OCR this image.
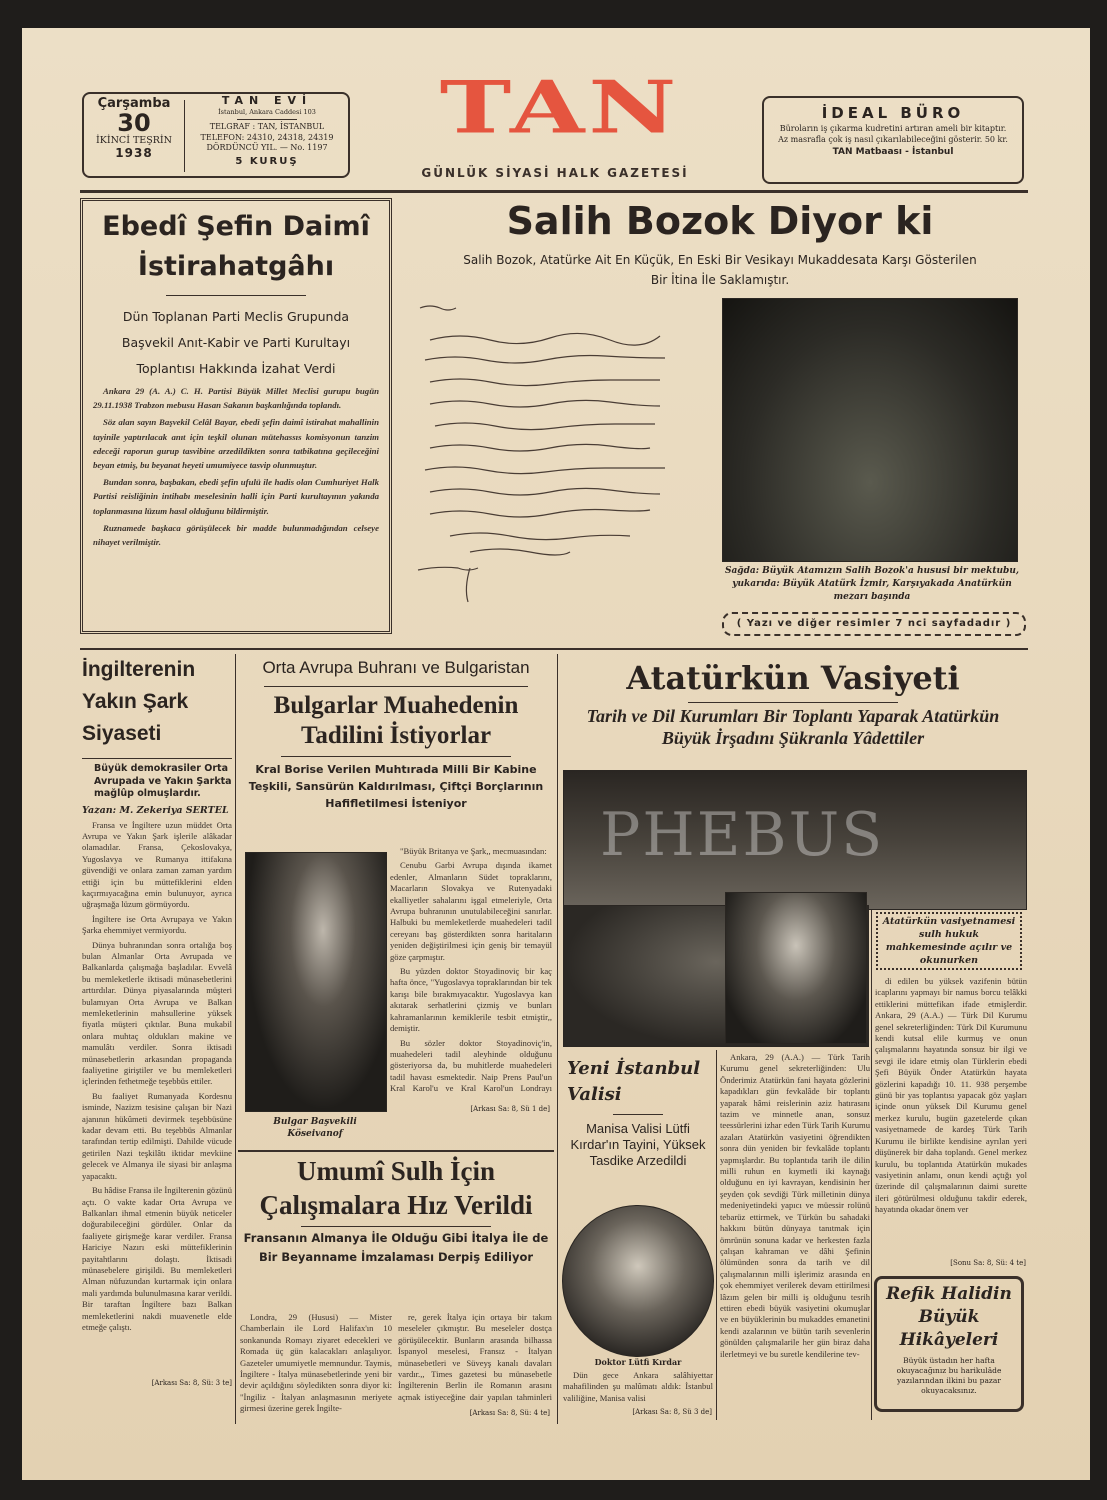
Çarşamba
30
İKİNCİ TEŞRİN
1938
TAN EVİ
İstanbul, Ankara Caddesi 103
TELGRAF : TAN, İSTANBUL
TELEFON: 24310, 24318, 24319
DÖRDÜNCÜ YIL. — No. 1197
5 KURUŞ
TAN
GÜNLÜK SİYASİ HALK GAZETESİ
İDEAL BÜRO
Büroların iş çıkarma kudretini artıran ameli bir kitaptır. Az masrafla çok iş nasıl çıkarılabileceğini gösterir. 50 kr.
TAN Matbaası - İstanbul
Ebedî Şefin Daimî İstirahatgâhı
Dün Toplanan Parti Meclis Grupunda Başvekil Anıt-Kabir ve Parti Kurultayı Toplantısı Hakkında İzahat Verdi

Ankara 29 (A. A.) C. H. Partisi Büyük Millet Meclisi gurupu bugün 29.11.1938 Trabzon mebusu Hasan Sakanın başkanlığında toplandı.

Söz alan sayın Başvekil Celâl Bayar, ebedi şefin daimî istirahat mahallinin tayinile yaptırılacak anıt için teşkil olunan mütehassıs komisyonun tanzim edeceği raporun gurup tasvibine arzedildikten sonra tatbikatına geçileceğini beyan etmiş, bu beyanat heyeti umumiyece tasvip olunmuştur.

Bundan sonra, başbakan, ebedi şefin ufulü ile hadis olan Cumhuriyet Halk Partisi reisliğinin intihabı meselesinin halli için Parti kurultayının yakında toplanmasına lüzum hasıl olduğunu bildirmiştir.

Ruznamede başkaca görüşülecek bir madde bulunmadığından celseye nihayet verilmiştir.

Salih Bozok Diyor ki
Salih Bozok, Atatürke Ait En Küçük, En Eski Bir Vesikayı Mukaddesata Karşı Gösterilen Bir İtina İle Saklamıştır.
Sağda: Büyük Atamızın Salih Bozok'a hususi bir mektubu, yukarıda: Büyük Atatürk İzmir, Karşıyakada Anatürkün mezarı başında
( Yazı ve diğer resimler 7 nci sayfadadır )
İngilterenin Yakın Şark Siyaseti
Büyük demokrasiler Orta Avrupada ve Yakın Şarkta mağlûp olmuşlardır.
Yazan: M. Zekeriya SERTEL

Fransa ve İngiltere uzun müddet Orta Avrupa ve Yakın Şark işlerile alâkadar olamadılar. Fransa, Çekoslovakya, Yugoslavya ve Rumanya ittifakına güvendiği ve onlara zaman zaman yardım ettiği için bu müttefiklerini elden kaçırmıyacağına emin bulunuyor, ayrıca uğraşmağa lüzum görmüyordu.

İngiltere ise Orta Avrupaya ve Yakın Şarka ehemmiyet vermiyordu.

Dünya buhranından sonra ortalığa boş bulan Almanlar Orta Avrupada ve Balkanlarda çalışmağa başladılar. Evvelâ bu memleketlerle iktisadi münasebetlerini arttırdılar. Dünya piyasalarında müşteri bulamıyan Orta Avrupa ve Balkan memleketlerinin mahsullerine yüksek fiyatla müşteri çıktılar. Buna mukabil onlara muhtaç oldukları makine ve mamulâtı verdiler. Sonra iktisadi münasebetlerin arkasından propaganda faaliyetine giriştiler ve bu memleketleri içlerinden fethetmeğe teşebbüs ettiler.

Bu faaliyet Rumanyada Kordesnu isminde, Nazizm tesisine çalışan bir Nazi ajanının hükûmeti devirmek teşebbüsüne kadar devam etti. Bu teşebbüs Almanlar tarafından tertip edilmişti. Dahilde vücude getirilen Nazi teşkilâtı iktidar mevkiine gelecek ve Almanya ile siyasi bir anlaşma yapacaktı.

Bu hâdise Fransa ile İngilterenin gözünü açtı. O vakte kadar Orta Avrupa ve Balkanları ihmal etmenin büyük neticeler doğurabileceğini gördüler. Onlar da faaliyete girişmeğe karar verdiler. Fransa Hariciye Nazırı eski müttefiklerinin payitahtlarını dolaştı. İktisadi münasebelere girişildi. Bu memleketleri Alman nüfuzundan kurtarmak için onlara mali yardımda bulunulmasına karar verildi. Bir taraftan İngiltere bazı Balkan memleketlerini nakdi muavenetle elde etmeğe çalıştı.

[Arkası Sa: 8, Sü: 3 te]
Orta Avrupa Buhranı ve Bulgaristan
Bulgarlar Muahedenin Tadilini İstiyorlar
Kral Borise Verilen Muhtırada Milli Bir Kabine Teşkili, Sansürün Kaldırılması, Çiftçi Borçlarının Hafifletilmesi İsteniyor
Bulgar Başvekili Köseivanof

"Büyük Britanya ve Şark,, mecmuasından:

Cenubu Garbi Avrupa dışında ikamet edenler, Almanların Südet topraklarını, Macarların Slovakya ve Rutenyadaki ekalliyetler sahalarını işgal etmeleriyle, Orta Avrupa buhranının unutulabileceğini sanırlar. Halbuki bu memleketlerde muahedeleri tadil cereyanı baş gösterdikten sonra haritaların yeniden değiştirilmesi için geniş bir temayül göze çarpmıştır.

Bu yüzden doktor Stoyadinoviç bir kaç hafta önce, "Yugoslavya topraklarından bir tek karışı bile bırakmıyacaktır. Yugoslavya kan akıtarak serhatlerini çizmiş ve bunları kahramanlarının kemiklerile tesbit etmiştir,, demiştir.

Bu sözler doktor Stoyadinoviç'in, muahedeleri tadil aleyhinde olduğunu gösteriyorsa da, bu muhitlerde muahedeleri tadil havası esmektedir. Naip Prens Paul'un Kral Karol'u ve Kral Karol'un Londrayı

[Arkası Sa: 8, Sü 1 de]
Umumî Sulh İçin Çalışmalara Hız Verildi
Fransanın Almanya İle Olduğu Gibi İtalya İle de Bir Beyanname İmzalaması Derpiş Ediliyor

Londra, 29 (Hususi) — Mister Chamberlain ile Lord Halifax'ın 10 sonkanunda Romayı ziyaret edecekleri ve Romada üç gün kalacakları anlaşılıyor. Gazeteler umumiyetle memnundur. Taymis, İngiltere - İtalya münasebetlerinde yeni bir devir açıldığını söyledikten sonra diyor ki: "İngiliz - İtalyan anlaşmasının meriyete girmesi üzerine gerek İngilte-

re, gerek İtalya için ortaya bir takım meseleler çıkmıştır. Bu meseleler dostça görüşülecektir. Bunların arasında bilhassa İspanyol meselesi, Fransız - İtalyan münasebetleri ve Süveyş kanalı davaları vardır.,, Times gazetesi bu münasebetle İngilterenin Berlin ile Romanın arasını açmak istiyeceğine dair yapılan tahminleri

[Arkası Sa: 8, Sü: 4 te]
Atatürkün Vasiyeti
Tarih ve Dil Kurumları Bir Toplantı Yaparak Atatürkün Büyük İrşadını Şükranla Yâdettiler
Atatürkün vasiyetnamesi sulh hukuk mahkemesinde açılır ve okunurken

Ankara, 29 (A.A.) — Türk Tarih Kurumu genel sekreterliğinden: Ulu Önderimiz Atatürkün fani hayata gözlerini kapadıkları gün fevkalâde bir toplantı yaparak hâmi reislerinin aziz hatırasını tazim ve minnetle anan, sonsuz teessürlerini izhar eden Türk Tarih Kurumu azaları Atatürkün vasiyetini öğrendikten sonra dün yeniden bir fevkalâde toplantı yapmışlardır. Bu toplantıda tarih ile dilin milli ruhun en kıymetli iki kaynağı olduğunu en iyi kavrayan, kendisinin her şeyden çok sevdiği Türk milletinin dünya medeniyetindeki yapıcı ve müessir rolünü tebarüz ettirmek, ve Türkün bu sahadaki hakkını bütün dünyaya tanıtmak için ömrünün sonuna kadar ve herkesten fazla çalışan kahraman ve dâhi Şefinin ölümünden sonra da tarih ve dil çalışmalarının milli işlerimiz arasında en çok ehemmiyet verilerek devam ettirilmesi lâzım gelen bir milli iş olduğunu tesrih ettiren ebedi büyük vasiyetini okumuşlar ve en büyüklerinin bu mukaddes emanetini kendi azalarının ve bütün tarih sevenlerin gönülden çalışmalarile her gün biraz daha ilerletmeyi ve bu suretle kendilerine tev-

di edilen bu yüksek vazifenin bütün icaplarını yapmayı bir namus borcu telâkki ettiklerini müttefikan ifade etmişlerdir. Ankara, 29 (A.A.) — Türk Dil Kurumu genel sekreterliğinden: Türk Dil Kurumunu kendi kutsal elile kurmuş ve onun çalışmalarını hayatında sonsuz bir ilgi ve sevgi ile idare etmiş olan Türklerin ebedi Şefi Büyük Önder Atatürkün hayata gözlerini kapadığı 10. 11. 938 perşembe günü bir yas toplantısı yapacak göz yaşları içinde onun yüksek Dil Kurumu genel merkez kurulu, bugün gazetelerde çıkan vasiyetnamede de kardeş Türk Tarih Kurumu ile birlikte kendisine ayrılan yeri düşünerek bir daha toplandı. Genel merkez kurulu, bu toplantıda Atatürkün mukades vasiyetinin anlamı, onun kendi açtığı yol üzerinde dil çalışmalarının daimi surette ileri götürülmesi olduğunu takdir ederek, hayatında okadar önem ver

[Sonu Sa: 8, Sü: 4 te]
Yeni İstanbul Valisi
Manisa Valisi Lütfi Kırdar'ın Tayini, Yüksek Tasdike Arzedildi
Doktor Lütfi Kırdar

Dün gece Ankara salâhiyettar mahafilinden şu malûmatı aldık: İstanbul valiliğine, Manisa valisi

[Arkası Sa: 8, Sü 3 de]
Refik Halidin Büyük Hikâyeleri
Büyük üstadın her hafta okuyacağınız bu harikulâde yazılarından ilkini bu pazar okuyacaksınız.
PHEBUS
